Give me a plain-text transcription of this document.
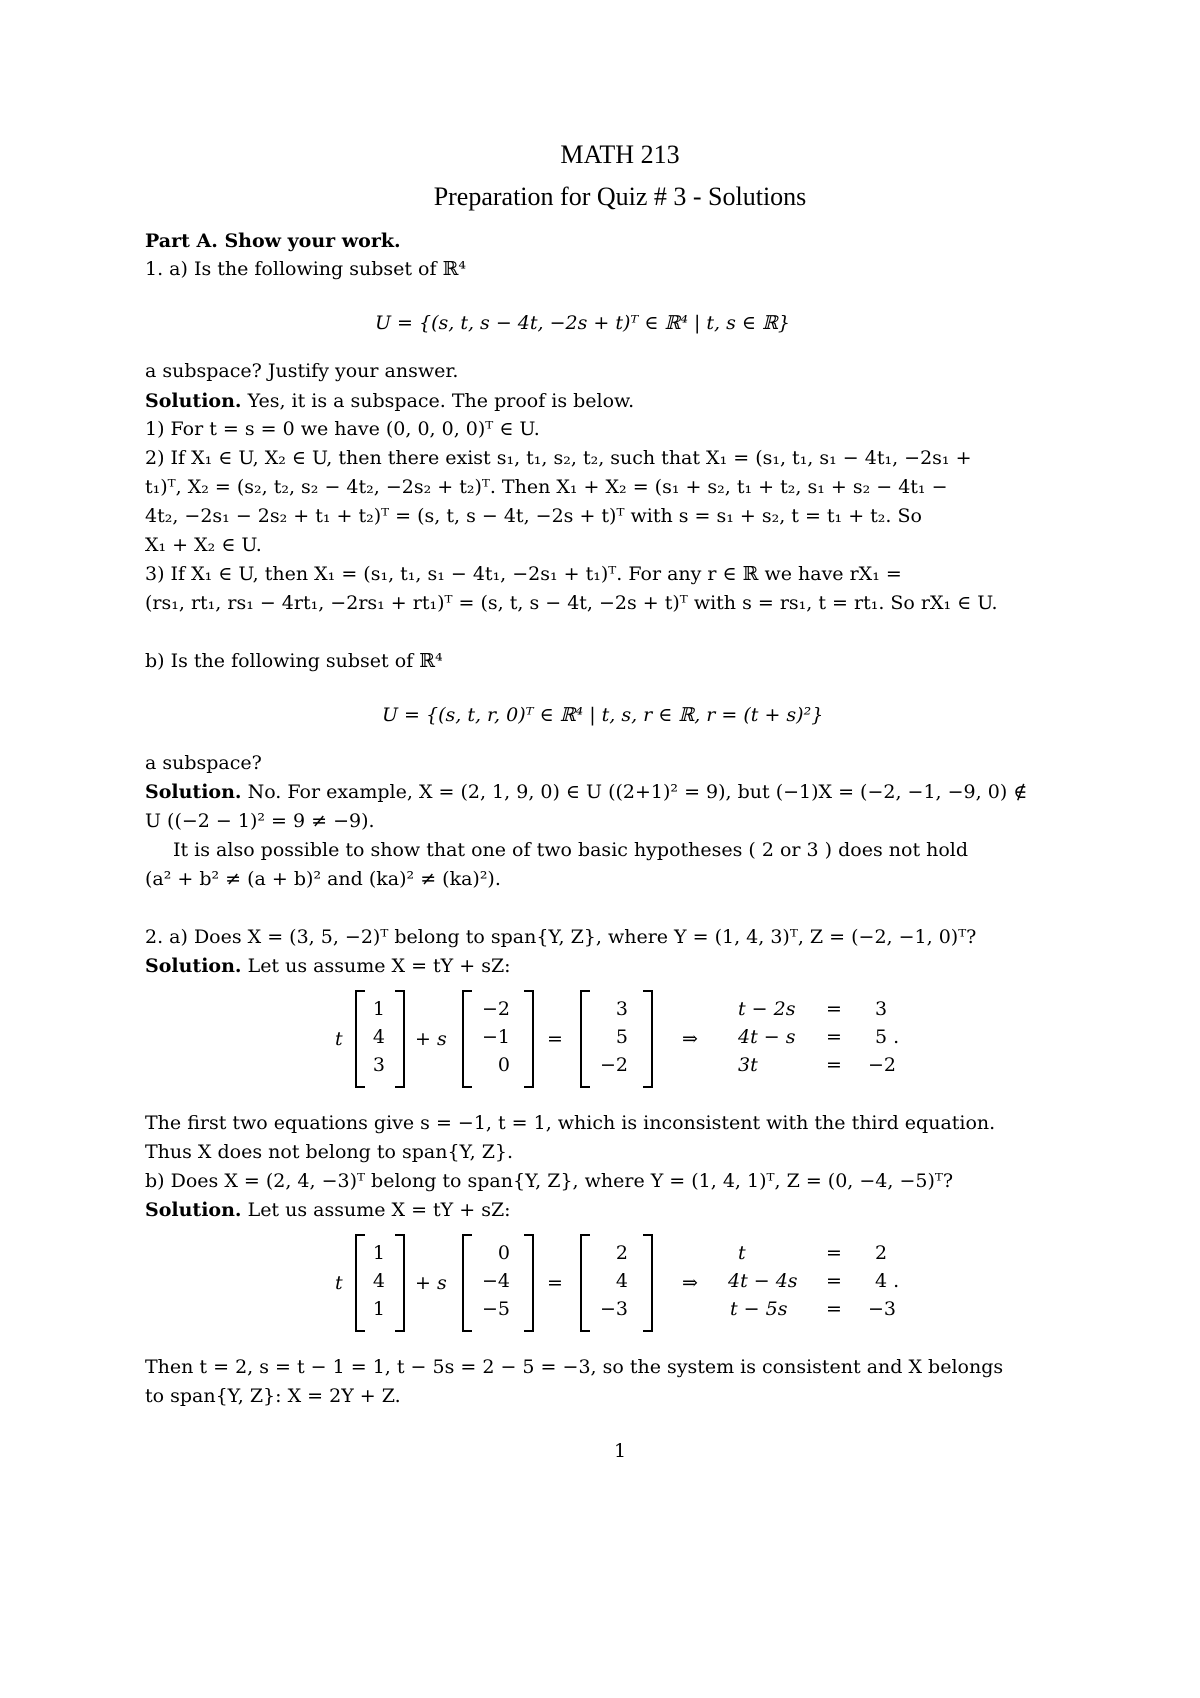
MATH 213
Preparation for Quiz # 3 - Solutions
Part A. Show your work.
1. a) Is the following subset of ℝ⁴
U = {(s, t, s − 4t, −2s + t)ᵀ ∈ ℝ⁴ | t, s ∈ ℝ}
a subspace? Justify your answer.
Solution. Yes, it is a subspace. The proof is below.
1) For t = s = 0 we have (0, 0, 0, 0)ᵀ ∈ U.
2) If X₁ ∈ U, X₂ ∈ U, then there exist s₁, t₁, s₂, t₂, such that X₁ = (s₁, t₁, s₁ − 4t₁, −2s₁ +
t₁)ᵀ, X₂ = (s₂, t₂, s₂ − 4t₂, −2s₂ + t₂)ᵀ. Then X₁ + X₂ = (s₁ + s₂, t₁ + t₂, s₁ + s₂ − 4t₁ −
4t₂, −2s₁ − 2s₂ + t₁ + t₂)ᵀ = (s, t, s − 4t, −2s + t)ᵀ with s = s₁ + s₂, t = t₁ + t₂. So
X₁ + X₂ ∈ U.
3) If X₁ ∈ U, then X₁ = (s₁, t₁, s₁ − 4t₁, −2s₁ + t₁)ᵀ. For any r ∈ ℝ we have rX₁ =
(rs₁, rt₁, rs₁ − 4rt₁, −2rs₁ + rt₁)ᵀ = (s, t, s − 4t, −2s + t)ᵀ with s = rs₁, t = rt₁. So rX₁ ∈ U.
b) Is the following subset of ℝ⁴
U = {(s, t, r, 0)ᵀ ∈ ℝ⁴ | t, s, r ∈ ℝ, r = (t + s)²}
a subspace?
Solution. No. For example, X = (2, 1, 9, 0) ∈ U ((2+1)² = 9), but (−1)X = (−2, −1, −9, 0) ∉
U ((−2 − 1)² = 9 ≠ −9).
It is also possible to show that one of two basic hypotheses ( 2 or 3 ) does not hold
(a² + b² ≠ (a + b)² and (ka)² ≠ (ka)²).
2. a) Does X = (3, 5, −2)ᵀ belong to span{Y, Z}, where Y = (1, 4, 3)ᵀ, Z = (−2, −1, 0)ᵀ?
Solution. Let us assume X = tY + sZ:
t
1
4
3
+ s
−2
−1
0
=
3
5
−2
⇒
t − 2s = 3
4t − s = 5 .
3t	= −2
The first two equations give s = −1, t = 1, which is inconsistent with the third equation.
Thus X does not belong to span{Y, Z}.
b) Does X = (2, 4, −3)ᵀ belong to span{Y, Z}, where Y = (1, 4, 1)ᵀ, Z = (0, −4, −5)ᵀ?
Solution. Let us assume X = tY + sZ:
t
1
4
1
+ s
0
−4
−5
=
2
4
−3
⇒
t	= 2
4t − 4s = 4 .
t − 5s = −3
Then t = 2, s = t − 1 = 1, t − 5s = 2 − 5 = −3, so the system is consistent and X belongs
to span{Y, Z}: X = 2Y + Z.
1
